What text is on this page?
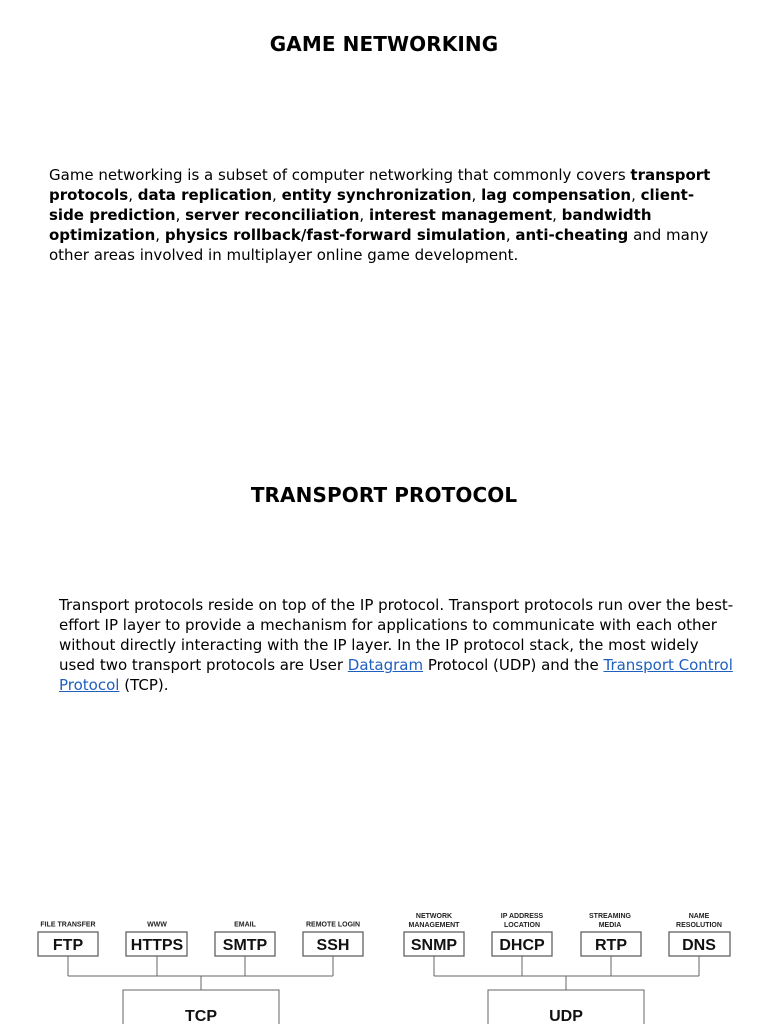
GAME NETWORKING

Game networking is a subset of computer networking that commonly covers transport protocols, data replication, entity synchronization, lag compensation, client-side prediction, server reconciliation, interest management, bandwidth optimization, physics rollback/fast-forward simulation, anti-cheating and many other areas involved in multiplayer online game development.

TRANSPORT PROTOCOL

Transport protocols reside on top of the IP protocol. Transport protocols run over the best-effort IP layer to provide a mechanism for applications to communicate with each other without directly interacting with the IP layer. In the IP protocol stack, the most widely used two transport protocols are User Datagram Protocol (UDP) and the Transport Control Protocol (TCP).

FILE TRANSFER	WWW	EMAIL	REMOTE LOGIN
FTP	HTTPS SMTP	SSH
TCP
NETWORK
MANAGEMENT
IP ADDRESS
LOCATION
STREAMING
MEDIA
NAME
RESOLUTION
SNMP	DHCP	RTP	DNS
UDP
